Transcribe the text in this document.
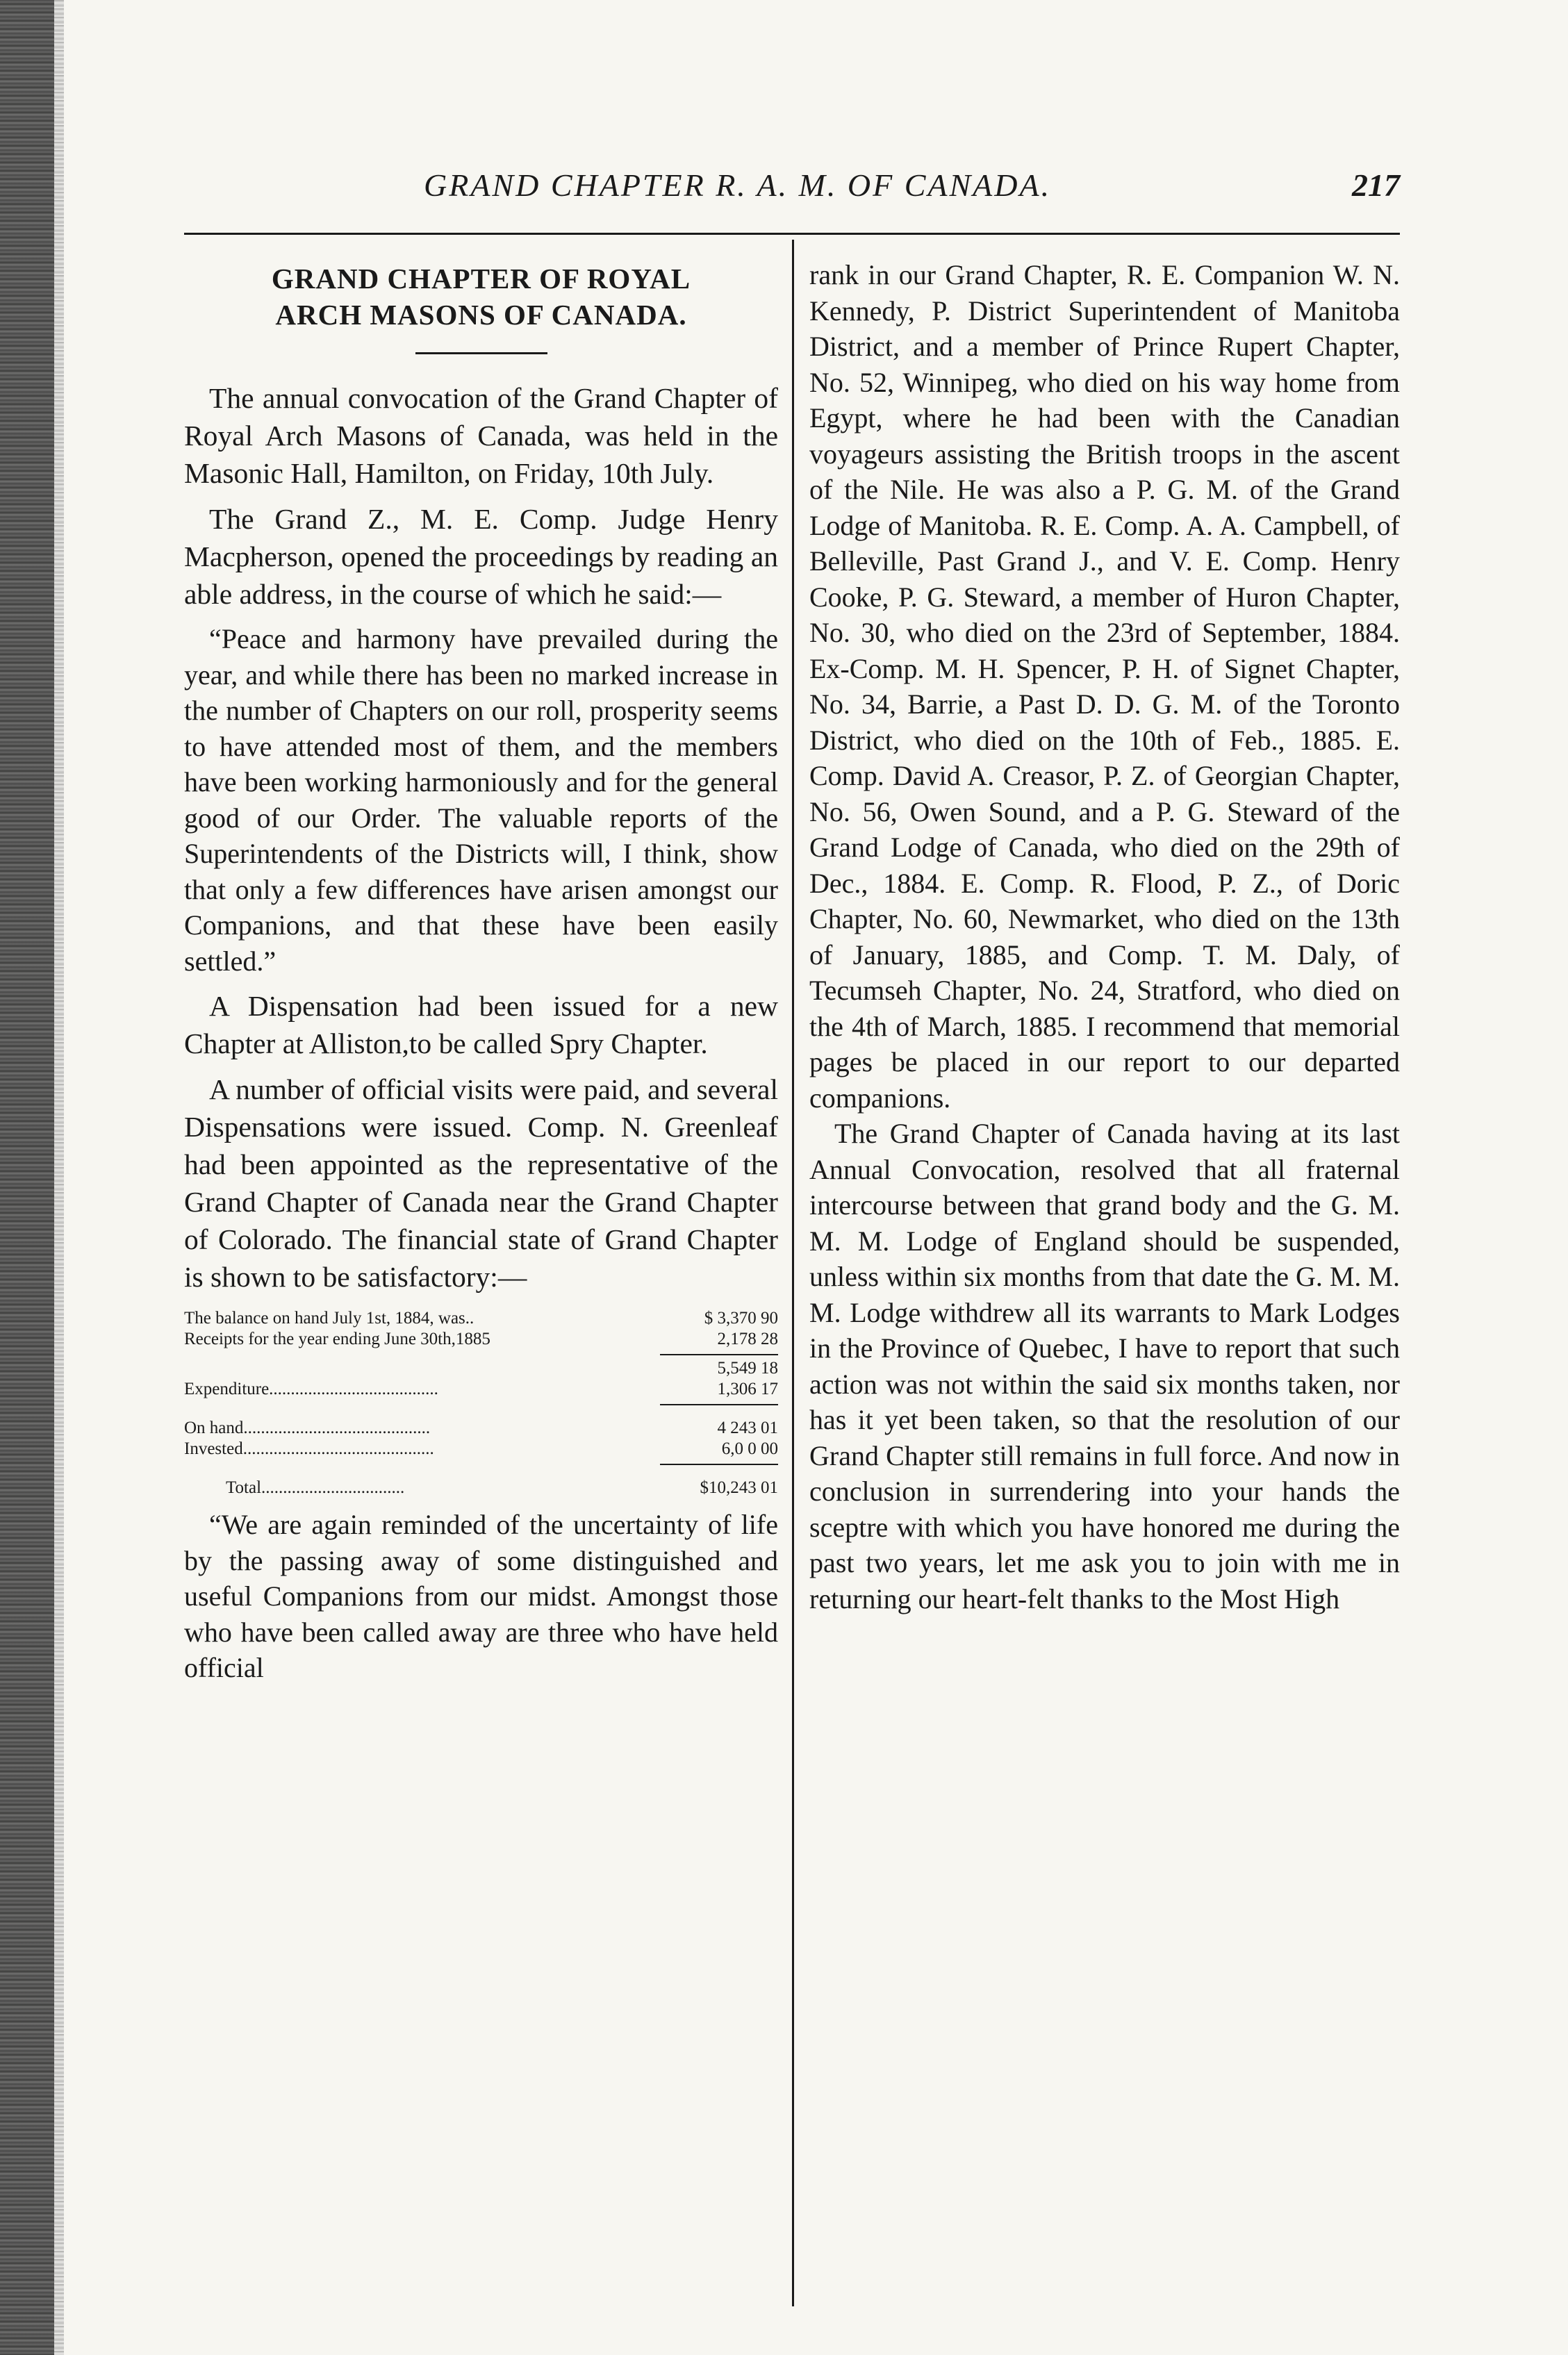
GRAND CHAPTER R. A. M. OF CANADA.	217

GRAND CHAPTER OF ROYAL

ARCH MASONS OF CANADA.

The annual convocation of the Grand Chapter of Royal Arch Masons of Canada, was held in the Masonic Hall, Hamilton, on Friday, 10th July.

The Grand Z., M. E. Comp. Judge Henry Macpherson, opened the proceedings by reading an able address, in the course of which he said:—

“Peace and harmony have prevailed during the year, and while there has been no marked increase in the number of Chapters on our roll, prosperity seems to have attended most of them, and the members have been working harmoniously and for the general good of our Order. The valuable reports of the Superintendents of the Districts will, I think, show that only a few differences have arisen amongst our Companions, and that these have been easily settled.”

A Dispensation had been issued for a new Chapter at Alliston,to be called Spry Chapter.

A number of official visits were paid, and several Dispensations were issued. Comp. N. Greenleaf had been appointed as the representative of the Grand Chapter of Canada near the Grand Chapter of Colorado. The financial state of Grand Chapter is shown to be satisfactory:—

The balance on hand July 1st, 1884, was..	$ 3,370 90
Receipts for the year ending June 30th,1885	2,178 28
5,549 18
Expenditure.......................................	1,306 17
On hand...........................................	4 243 01
Invested............................................	6,0 0 00
Total.................................	$10,243 01

“We are again reminded of the uncertainty of life by the passing away of some distinguished and useful Companions from our midst. Amongst those who have been called away are three who have held official

rank in our Grand Chapter, R. E. Companion W. N. Kennedy, P. District Superintendent of Manitoba District, and a member of Prince Rupert Chapter, No. 52, Winnipeg, who died on his way home from Egypt, where he had been with the Canadian voyageurs assisting the British troops in the ascent of the Nile. He was also a P. G. M. of the Grand Lodge of Manitoba. R. E. Comp. A. A. Campbell, of Belleville, Past Grand J., and V. E. Comp. Henry Cooke, P. G. Steward, a member of Huron Chapter, No. 30, who died on the 23rd of September, 1884. Ex-Comp. M. H. Spencer, P. H. of Signet Chapter, No. 34, Barrie, a Past D. D. G. M. of the Toronto District, who died on the 10th of Feb., 1885. E. Comp. David A. Creasor, P. Z. of Georgian Chapter, No. 56, Owen Sound, and a P. G. Steward of the Grand Lodge of Canada, who died on the 29th of Dec., 1884. E. Comp. R. Flood, P. Z., of Doric Chapter, No. 60, Newmarket, who died on the 13th of January, 1885, and Comp. T. M. Daly, of Tecumseh Chapter, No. 24, Stratford, who died on the 4th of March, 1885. I recommend that memorial pages be placed in our report to our departed companions.

The Grand Chapter of Canada having at its last Annual Convocation, resolved that all fraternal intercourse between that grand body and the G. M. M. M. Lodge of England should be suspended, unless within six months from that date the G. M. M. M. Lodge withdrew all its warrants to Mark Lodges in the Province of Quebec, I have to report that such action was not within the said six months taken, nor has it yet been taken, so that the resolution of our Grand Chapter still remains in full force. And now in conclusion in surrendering into your hands the sceptre with which you have honored me during the past two years, let me ask you to join with me in returning our heart-felt thanks to the Most High
